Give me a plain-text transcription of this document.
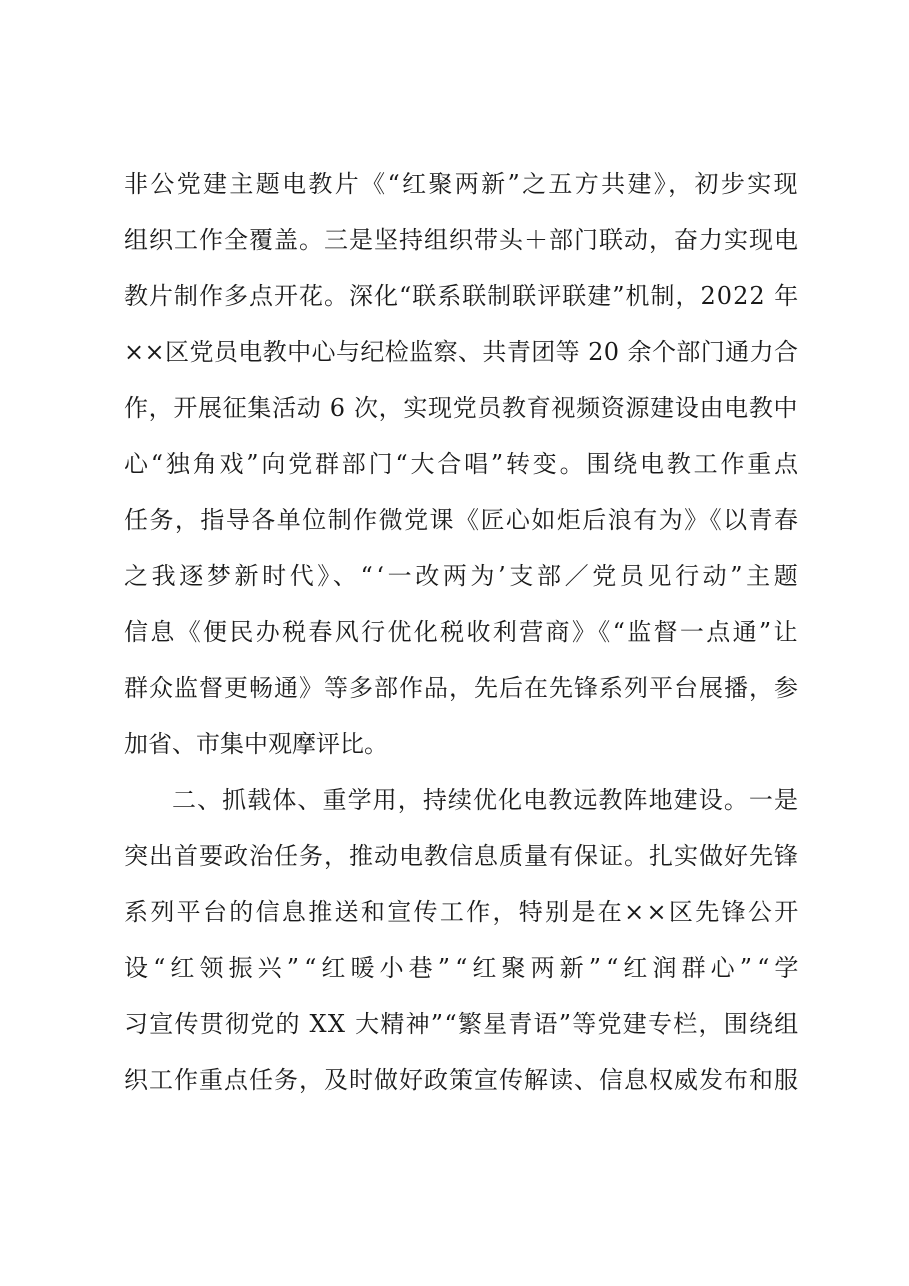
非公党建主题电教片《“红聚两新”之五方共建》，初步实现
组织工作全覆盖。三是坚持组织带头＋部门联动，奋力实现电
教片制作多点开花。深化“联系联制联评联建”机制，2022 年
××区党员电教中心与纪检监察、共青团等 20 余个部门通力合
作，开展征集活动 6 次，实现党员教育视频资源建设由电教中
心“独角戏”向党群部门“大合唱”转变。围绕电教工作重点
任务，指导各单位制作微党课《匠心如炬后浪有为》《以青春
之我逐梦新时代》、“‘一改两为’支部／党员见行动”主题
信息《便民办税春风行优化税收利营商》《“监督一点通”让
群众监督更畅通》等多部作品，先后在先锋系列平台展播，参
加省、市集中观摩评比。
二、抓载体、重学用，持续优化电教远教阵地建设。一是
突出首要政治任务，推动电教信息质量有保证。扎实做好先锋
系列平台的信息推送和宣传工作，特别是在××区先锋公开
设“红领振兴”“红暖小巷”“红聚两新”“红润群心”“学
习宣传贯彻党的 XX 大精神”“繁星青语”等党建专栏，围绕组
织工作重点任务，及时做好政策宣传解读、信息权威发布和服
